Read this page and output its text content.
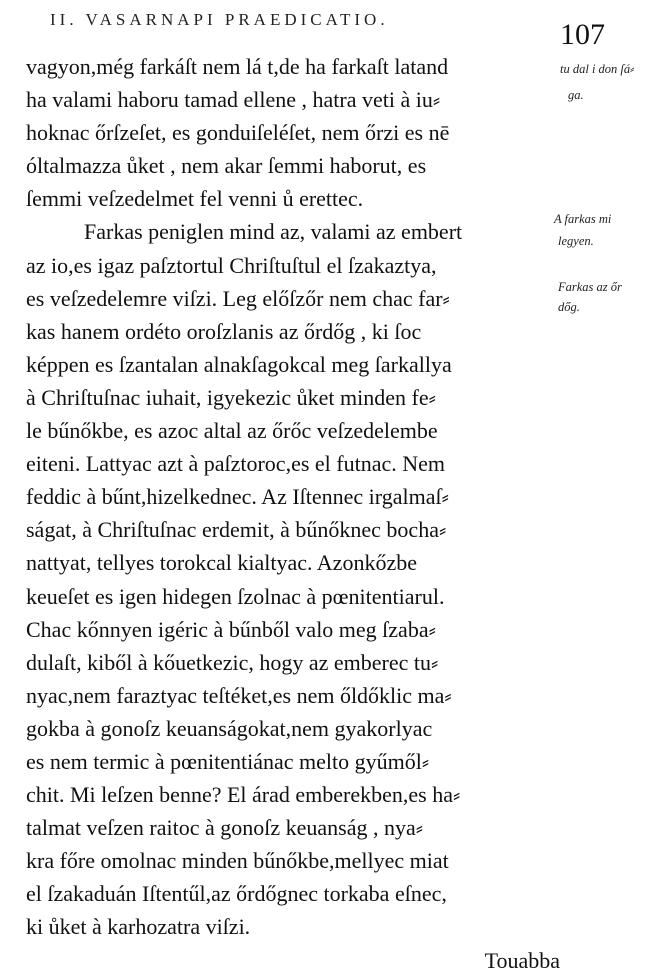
II. VASARNAPI PRAEDICATIO.	107
vagyon,még farkáſt nem lá t,de ha farkaſt latand
ha valami haboru tamad ellene , hatra veti à iu⸗
hoknac őrſzeſet, es gonduiſeléſet, nem őrzi es nē
óltalmazza ůket , nem akar ſemmi haborut, es
ſemmi veſzedelmet fel venni ů erettec.
Farkas peniglen mind az, valami az embert
az io,es igaz paſztortul Chriſtuſtul el ſzakaztya,
es veſzedelemre viſzi. Leg előſzőr nem chac far⸗
kas hanem ordéto oroſzlanis az őrdőg , ki ſoc
képpen es ſzantalan alnakſagokcal meg ſarkallya
à Chriſtuſnac iuhait, igyekezic ůket minden fe⸗
le bűnőkbe, es azoc altal az őrőc veſzedelembe
eiteni. Lattyac azt à paſztoroc,es el futnac. Nem
feddic à bűnt,hizelkednec. Az Iſtennec irgalmaſ⸗
ságat, à Chriſtuſnac erdemit, à bűnőknec bocha⸗
nattyat, tellyes torokcal kialtyac. Azonkőzbe
keueſet es igen hidegen ſzolnac à pœnitentiarul.
Chac kőnnyen igéric à bűnből valo meg ſzaba⸗
dulaſt, kiből à kőuetkezic, hogy az emberec tu⸗
nyac,nem faraztyac teſtéket,es nem őldőklic ma⸗
gokba à gonoſz keuanságokat,nem gyakorlyac
es nem termic à pœnitentiánac melto gyűmől⸗
chit. Mi leſzen benne? El árad emberekben,es ha⸗
talmat veſzen raitoc à gonoſz keuanság , nya⸗
kra főre omolnac minden bűnőkbe,mellyec miat
el ſzakaduán Iſtentűl,az őrdőgnec torkaba eſnec,
ki ůket à karhozatra viſzi.
Touabba
tu dal i don ſá⸗
ga.
A farkas mi
legyen.
Farkas az őr
dőg.
